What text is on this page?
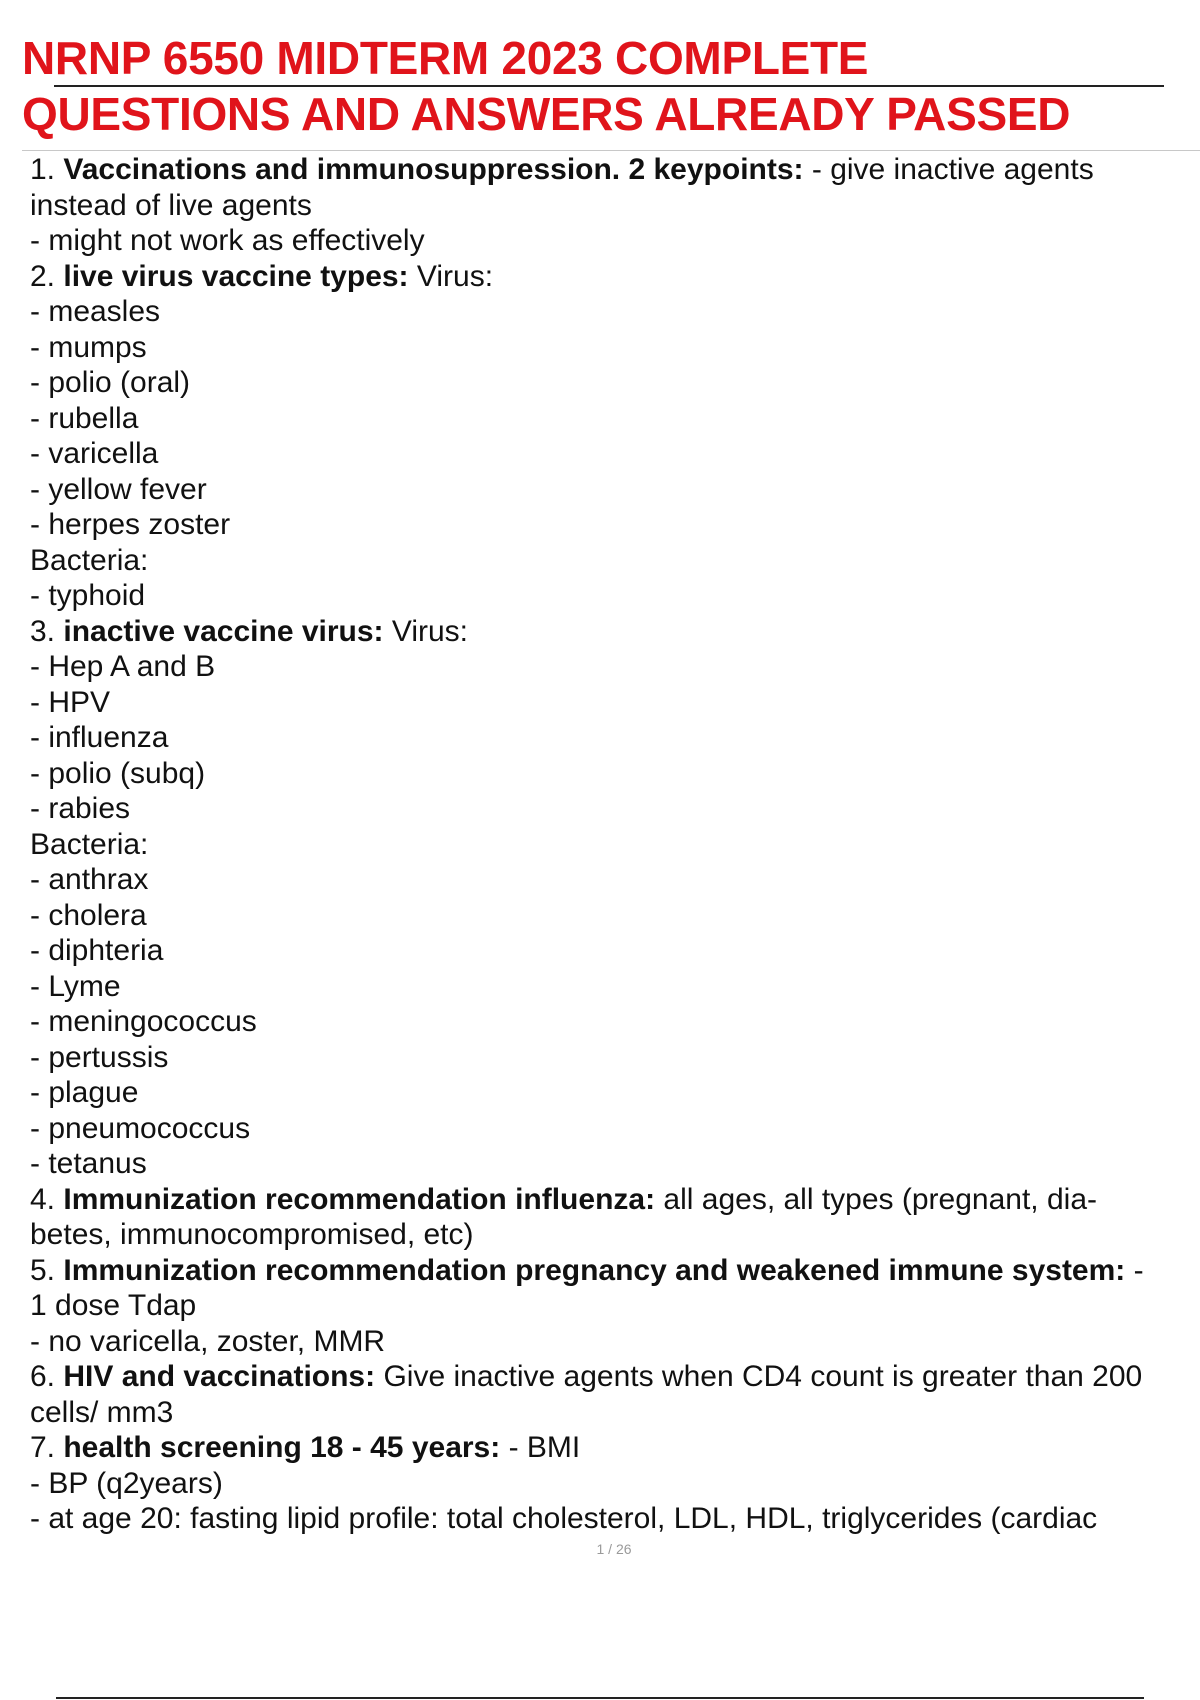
NRNP 6550 MIDTERM 2023 COMPLETE
QUESTIONS AND ANSWERS ALREADY PASSED
1. Vaccinations and immunosuppression. 2 keypoints: - give inactive agents
instead of live agents
- might not work as effectively
2. live virus vaccine types: Virus:
- measles
- mumps
- polio (oral)
- rubella
- varicella
- yellow fever
- herpes zoster
Bacteria:
- typhoid
3. inactive vaccine virus: Virus:
- Hep A and B
- HPV
- influenza
- polio (subq)
- rabies
Bacteria:
- anthrax
- cholera
- diphteria
- Lyme
- meningococcus
- pertussis
- plague
- pneumococcus
- tetanus
4. Immunization recommendation influenza: all ages, all types (pregnant, dia-
betes, immunocompromised, etc)
5. Immunization recommendation pregnancy and weakened immune system: -
1 dose Tdap
- no varicella, zoster, MMR
6. HIV and vaccinations: Give inactive agents when CD4 count is greater than 200
cells/ mm3
7. health screening 18 - 45 years: - BMI
- BP (q2years)
- at age 20: fasting lipid profile: total cholesterol, LDL, HDL, triglycerides (cardiac
1 / 26
